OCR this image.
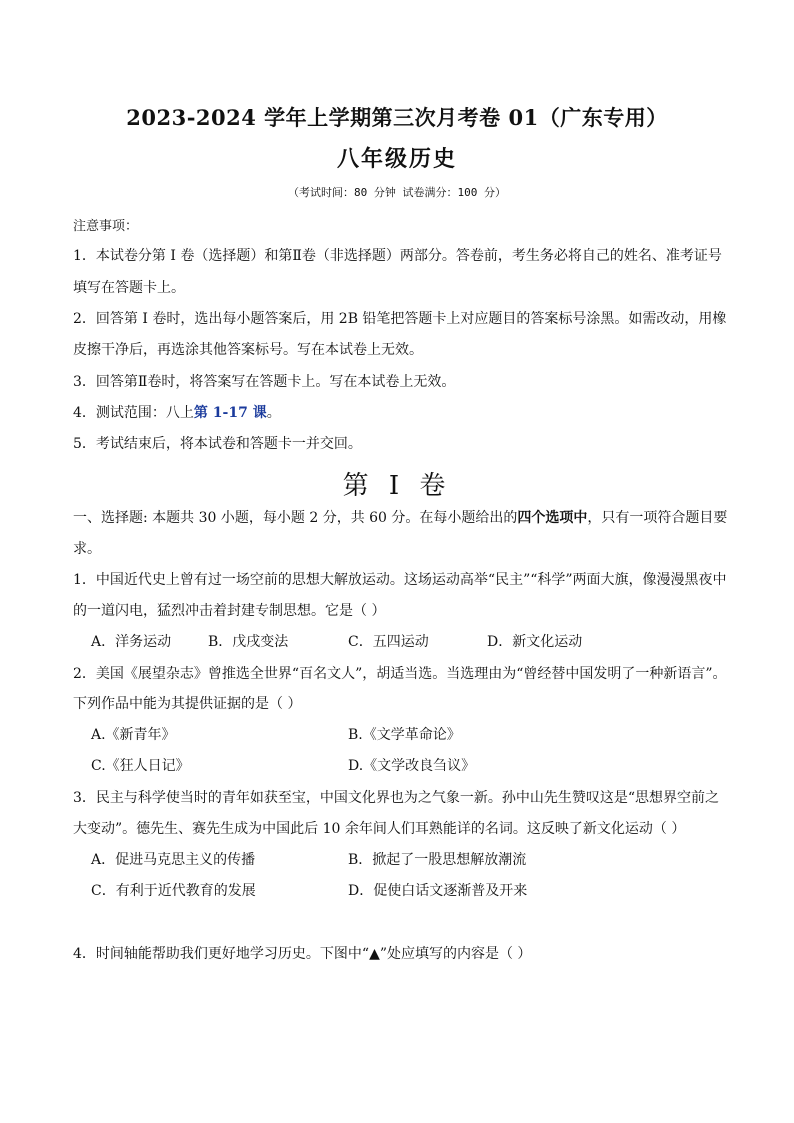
2023-2024 学年上学期第三次月考卷 01（广东专用）
八年级历史
（考试时间：80 分钟 试卷满分：100 分）
注意事项：
1．本试卷分第 I 卷（选择题）和第Ⅱ卷（非选择题）两部分。答卷前，考生务必将自己的姓名、准考证号
填写在答题卡上。
2．回答第 I 卷时，选出每小题答案后，用 2B 铅笔把答题卡上对应题目的答案标号涂黑。如需改动，用橡
皮擦干净后，再选涂其他答案标号。写在本试卷上无效。
3．回答第Ⅱ卷时，将答案写在答题卡上。写在本试卷上无效。
4．测试范围：八上第 1-17 课。
5．考试结束后，将本试卷和答题卡一并交回。
第 I 卷
一、选择题: 本题共 30 小题，每小题 2 分，共 60 分。在每小题给出的四个选项中，只有一项符合题目要
求。
1．中国近代史上曾有过一场空前的思想大解放运动。这场运动高举“民主”“科学”两面大旗，像漫漫黑夜中
的一道闪电，猛烈冲击着封建专制思想。它是（ ）
A．洋务运动	B．戊戌变法	C．五四运动	D．新文化运动
2．美国《展望杂志》曾推选全世界“百名文人”，胡适当选。当选理由为“曾经替中国发明了一种新语言”。
下列作品中能为其提供证据的是（ ）
A.《新青年》	B.《文学革命论》
C.《狂人日记》	D.《文学改良刍议》
3．民主与科学使当时的青年如获至宝，中国文化界也为之气象一新。孙中山先生赞叹这是“思想界空前之
大变动”。德先生、赛先生成为中国此后 10 余年间人们耳熟能详的名词。这反映了新文化运动（ ）
A．促进马克思主义的传播	B．掀起了一股思想解放潮流
C．有利于近代教育的发展	D．促使白话文逐渐普及开来
4．时间轴能帮助我们更好地学习历史。下图中“▲”处应填写的内容是（ ）
